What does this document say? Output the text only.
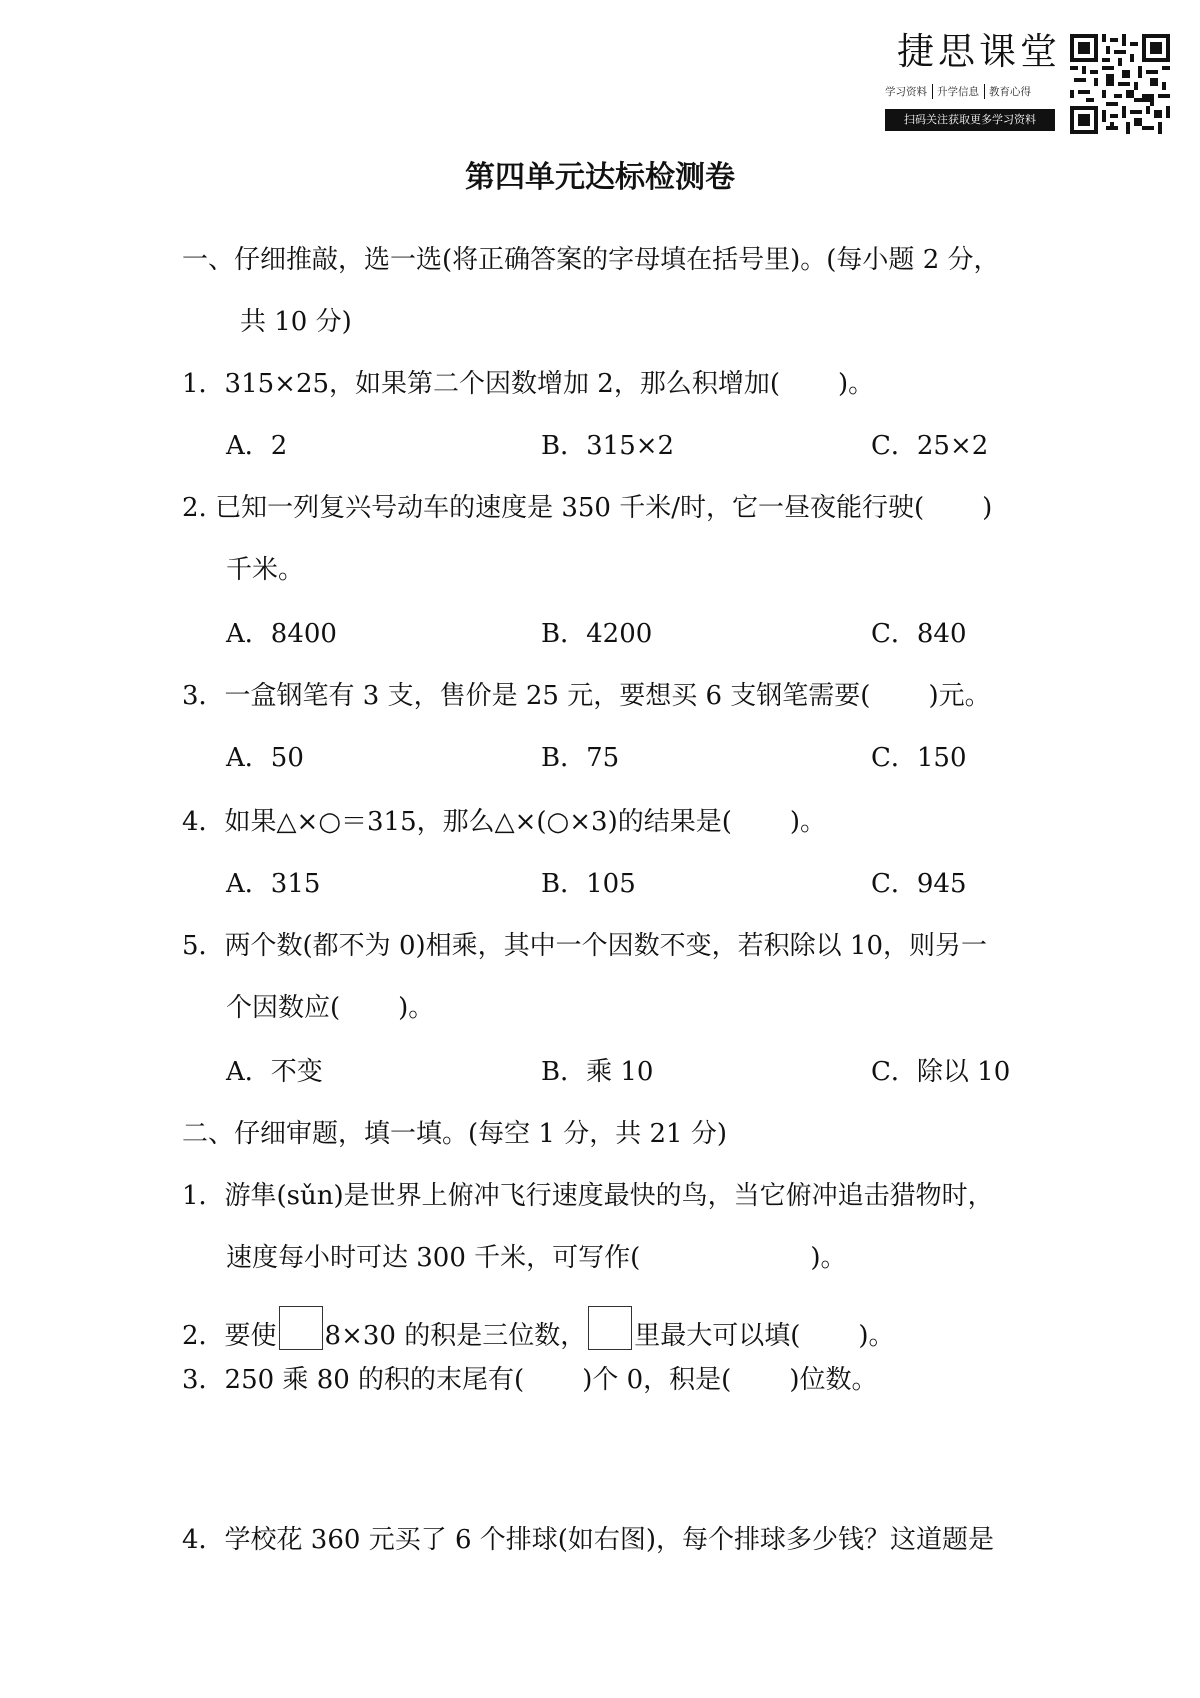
捷思课堂
学习资料 升学信息 教育心得
扫码关注获取更多学习资料
第四单元达标检测卷
一、仔细推敲，选一选(将正确答案的字母填在括号里)。(每小题 2 分，
共 10 分)
1．315×25，如果第二个因数增加 2，那么积增加( )。
A．2	B．315×2	C．25×2
2. 已知一列复兴号动车的速度是 350 千米/时，它一昼夜能行驶( )
千米。
A．8400	B．4200	C．840
3．一盒钢笔有 3 支，售价是 25 元，要想买 6 支钢笔需要( )元。
A．50	B．75	C．150
4．如果△×○＝315，那么△×(○×3)的结果是( )。
A．315	B．105	C．945
5．两个数(都不为 0)相乘，其中一个因数不变，若积除以 10，则另一
个因数应( )。
A．不变	B．乘 10	C．除以 10
二、仔细审题，填一填。(每空 1 分，共 21 分)
1．游隼(sǔn)是世界上俯冲飞行速度最快的鸟，当它俯冲追击猎物时，
速度每小时可达 300 千米，可写作(	)。
2．要使 8×30 的积是三位数， 里最大可以填( )。
3．250 乘 80 的积的末尾有( )个 0，积是( )位数。
4．学校花 360 元买了 6 个排球(如右图)，每个排球多少钱？这道题是
